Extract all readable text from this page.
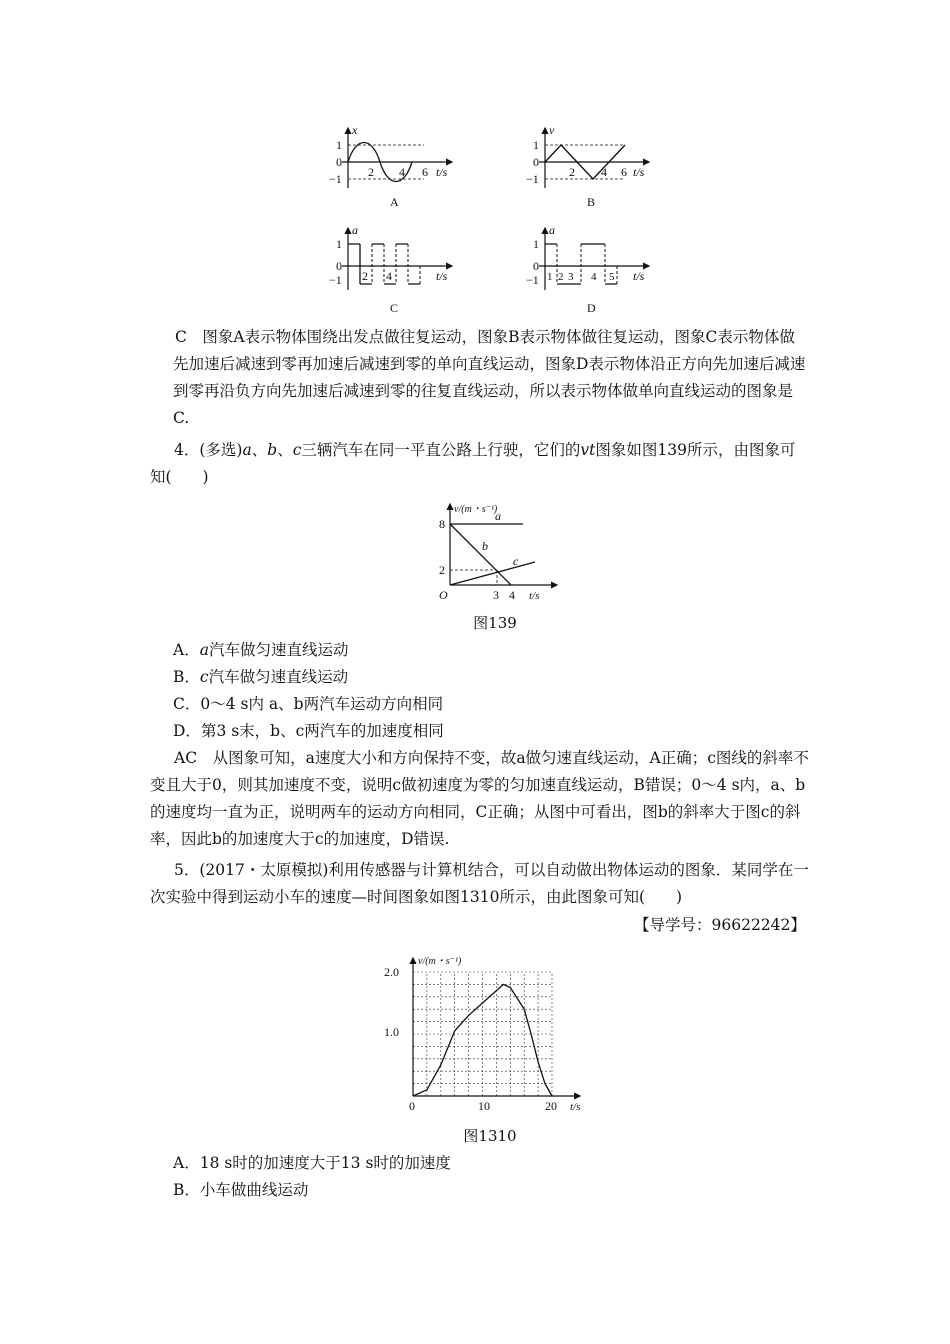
1
0
−1 2 4 6
x
t/s
A
1
0
−1	2 4 6
v
t/s
B
1
0
−1 2 4
a
t/s
C
1
0
−1 1 2 3 4 5
a
t/s
D

C　 图象A表示物体围绕出发点做往复运动，图象B表示物体做往复运动，图象C表示物体做先加速后减速到零再加速后减速到零的单向直线运动，图象D表示物体沿正方向先加速后减速到零再沿负方向先加速后减速到零的往复直线运动，所以表示物体做单向直线运动的图象是C.

4．(多选)a、b、c三辆汽车在同一平直公路上行驶，它们的vt图象如图139所示，由图象可知(　　)

8
2
O	3 4 t/s
v/(m・s⁻¹)
a
b
c
图139
A．a汽车做匀速直线运动
B．c汽车做匀速直线运动
C．0～4 s内 a、b两汽车运动方向相同
D．第3 s末，b、c两汽车的加速度相同

AC　 从图象可知，a速度大小和方向保持不变，故a做匀速直线运动，A正确；c图线的斜率不变且大于0，则其加速度不变，说明c做初速度为零的匀加速直线运动，B错误；0～4 s内，a、b的速度均一直为正，说明两车的运动方向相同，C正确；从图中可看出，图b的斜率大于图c的斜率，因此b的加速度大于c的加速度，D错误.

5．(2017・太原模拟)利用传感器与计算机结合，可以自动做出物体运动的图象．某同学在一次实验中得到运动小车的速度—时间图象如图1310所示，由此图象可知(　　)

【导学号：96622242】
2.0
1.0
0	10	20 t/s
v/(m・s⁻¹)
图1310
A．18 s时的加速度大于13 s时的加速度
B．小车做曲线运动
